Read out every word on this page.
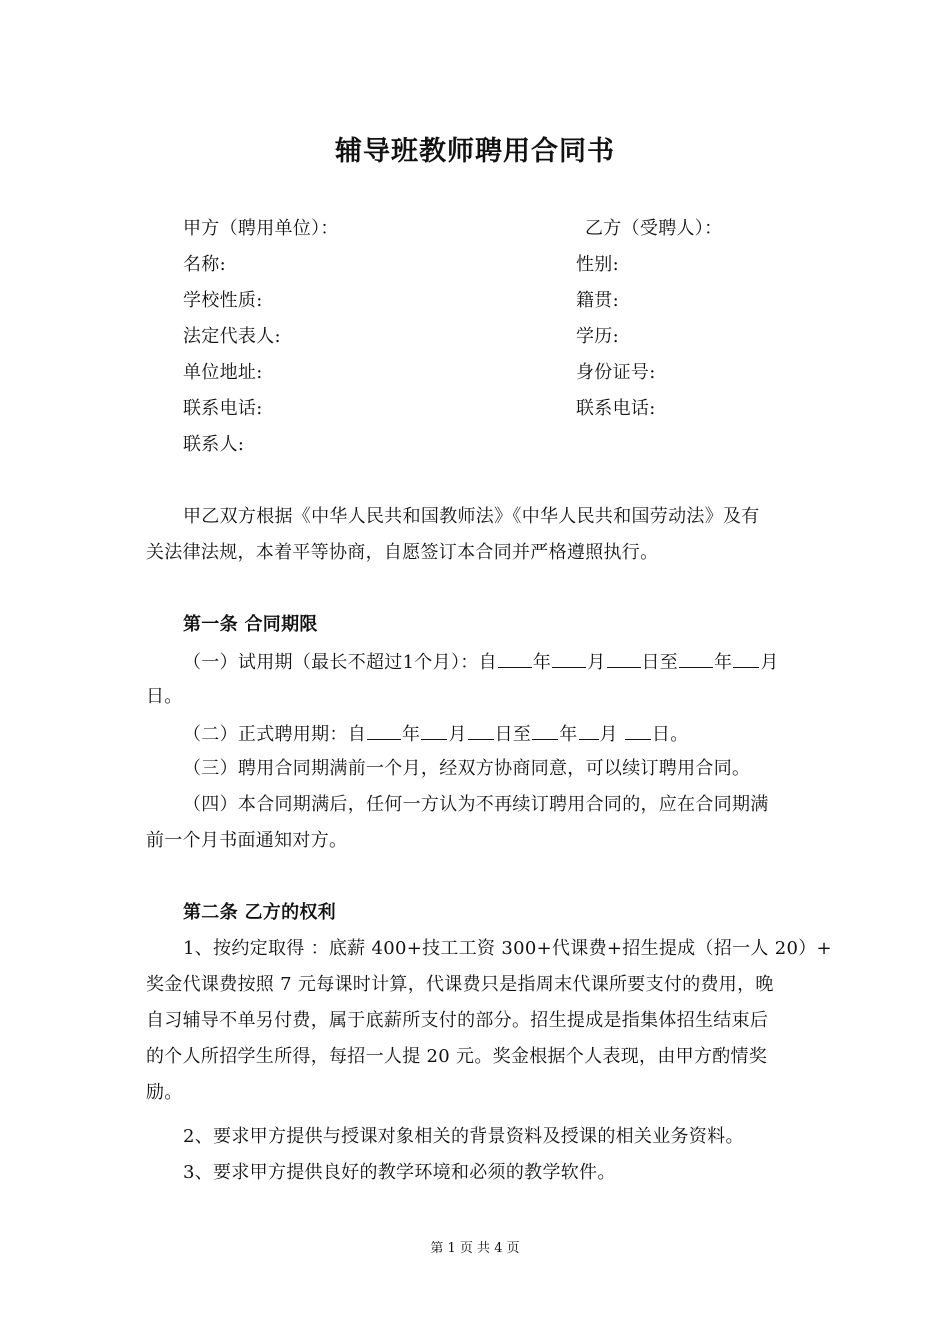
辅导班教师聘用合同书
甲方（聘用单位）：
名称:
学校性质:
法定代表人:
单位地址:
联系电话:
联系人:
乙方（受聘人）：
性别:
籍贯:
学历:
身份证号:
联系电话:
甲乙双方根据《中华人民共和国教师法》《中华人民共和国劳动法》及有
关法律法规，本着平等协商，自愿签订本合同并严格遵照执行。
第一条 合同期限
（一）试用期（最长不超过1个月）：自 年 月 日至 年 月
日。
（二）正式聘用期：自 年 月 日至 年 月 日。
（三）聘用合同期满前一个月，经双方协商同意，可以续订聘用合同。
（四）本合同期满后，任何一方认为不再续订聘用合同的，应在合同期满
前一个月书面通知对方。
第二条 乙方的权利
1、按约定取得 ：底薪 400+技工工资 300+代课费+招生提成（招一人 20）+
奖金代课费按照 7 元每课时计算，代课费只是指周末代课所要支付的费用，晚
自习辅导不单另付费，属于底薪所支付的部分。招生提成是指集体招生结束后
的个人所招学生所得，每招一人提 20 元。奖金根据个人表现，由甲方酌情奖
励。
2、要求甲方提供与授课对象相关的背景资料及授课的相关业务资料。
3、要求甲方提供良好的教学环境和必须的教学软件。
第 1 页 共 4 页
